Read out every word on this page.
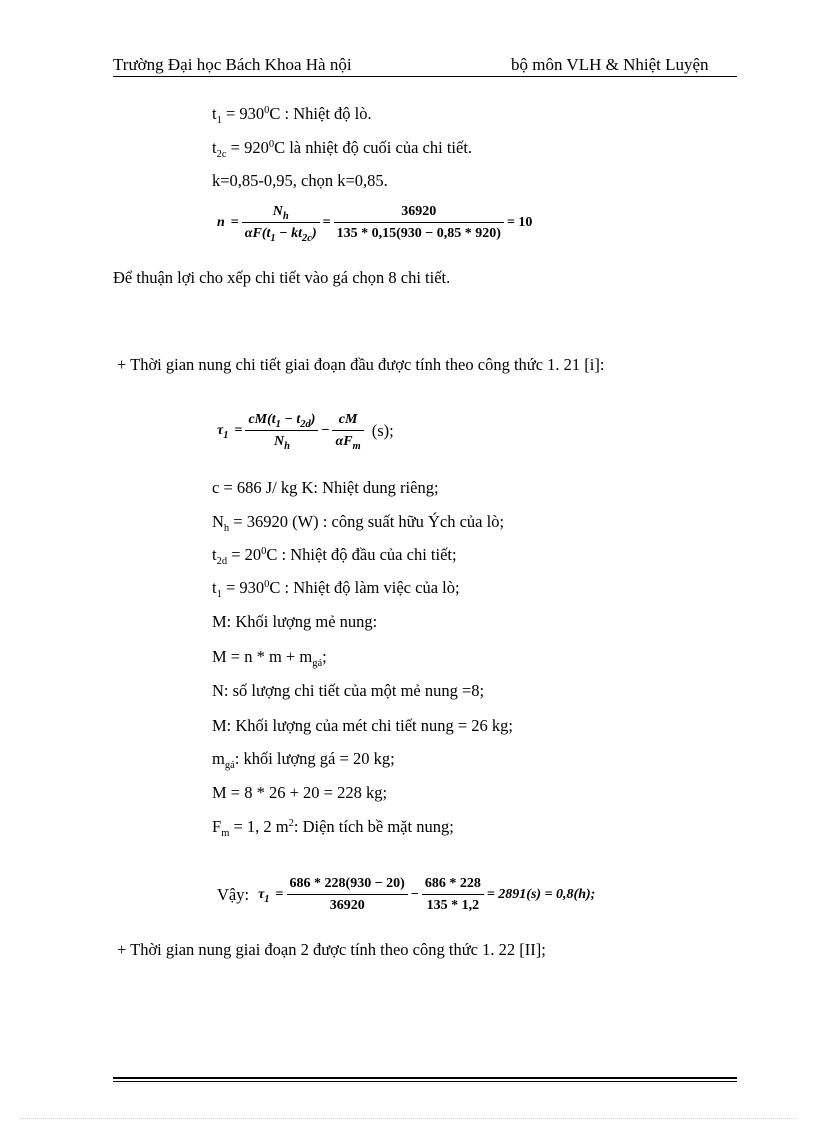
Trường Đại học Bách Khoa Hà nội	bộ môn VLH & Nhiệt Luyện
$t_1 = 930^0C$ : Nhiệt độ lò.
$t_{2c} = 920^0C$ là nhiệt độ cuối của chi tiết.
k=0,85-0,95, chọn k=0,85.
$n = \frac{N_h}{\alpha F(t_1 - kt_{2c})} = \frac{36920}{135 * 0,15(930 - 0,85 * 920)} = 10$
Để thuận lợi cho xếp chi tiết vào gá chọn 8 chi tiết.
+ Thời gian nung chi tiết giai đoạn đầu được tính theo công thức 1. 21 [i]:
$\tau_1 = \frac{cM(t_1 - t_{2d})}{N_h} - \frac{cM}{\alpha F_m} (s)$;
c = 686 J/ kg K: Nhiệt dung riêng;
$N_h = 36920$ (W) : công suất hữu Ých của lò;
$t_{2d} = 20^0C$ : Nhiệt độ đầu của chi tiết;
$t_1 = 930^0C$ : Nhiệt độ làm việc của lò;
M: Khối lượng mẻ nung:
$M = n * m + m_{gá}$;
N: số lượng chi tiết của một mẻ nung =8;
M: Khối lượng của mét chi tiết nung = 26 kg;
$m_{gá}$: khối lượng gá = 20 kg;
M = 8 * 26 + 20 = 228 kg;
$F_m = 1$, 2 $m^2$: Diện tích bề mặt nung;
Vậy: $\tau_1 = \frac{686 * 228(930 - 20)}{36920} - \frac{686 * 228}{135 * 1,2} = 2891(s) = 0,8(h)$;
+ Thời gian nung giai đoạn 2 được tính theo công thức 1. 22 [II];
